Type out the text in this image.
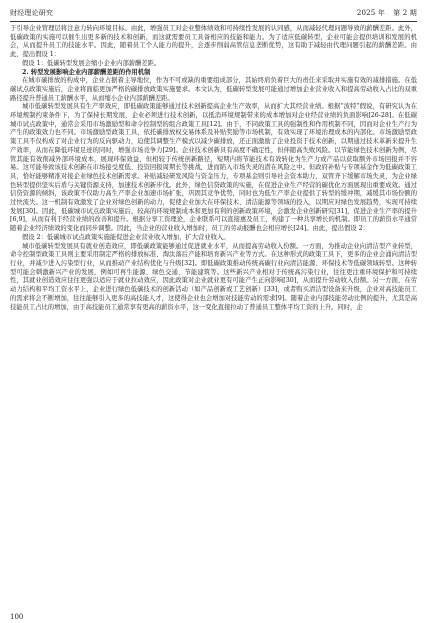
财经理论研究	2025 年 第 2 期

于引导企业管理层将注意力转向环境目标。由此，增强员工对企业整体绩效和可持续性发展的认同感，从而减轻代理问题导致的薪酬差距。此外，低碳政策的实施可以催生出更多新的技术和创新，而这就需要员工具备相应的技能和能力。为了适应低碳转型，企业可能会提供培训和发展的机会，从而提升员工的技能水平。因此，随着员工个人能力的提升，会逐步削弱高管信息垄断优势，这有助于减轻由代理问题引起的薪酬差距。由此，提出假设 1：

假设 1：低碳转型发展会缩小企业内部薪酬差距。

2. 转型发展影响企业内部薪酬差距的作用机制

在城市碳排放的构成中，企业占据着主导地位，作为不可或缺的重要组成部分，其始终肩负着巨大的责任来采取并实施有效的减排措施。在低碳试点政策实施后，企业将面临更加严格的碳排放政策实施要求。本文认为，低碳转型发展可能通过增加企业营业收入和提高劳动收入占比的双重路径提升普通员工薪酬水平，从而缩小企业内部薪酬差距。

城市低碳转型发展具有生产率效应，即低碳政策能够通过技术创新提高企业生产效率，从而扩大其经营业绩。根据“波特”假说，有研究认为在环境规制约束条件下，为了保持长期发展，企业必须进行技术创新，以抵消环境规制带来的成本增加对企业经营业绩的负面影响[26-28]。在低碳城市试点政策中，通常会采用市场激励型和命令控制型的组合政策工具[12]。由于，不同政策工具的强制性和作用机制不同，因而对企业生产行为产生的政策效力也不同。市场激励型政策工具，依托碳排放权交易体系及补贴奖励等市场机制，有效实现了环境治理成本的内部化。市场激励型政策工具不仅构成了对企业行为的反向驱动力，迫使其调整生产模式以减少碳排放，还正面激励了企业投资于技术创新，以期通过技术革新来提升生产效率，从而在降低环境足迹的同时，增强市场竞争力[29]。企业技术创新具有高度不确定性，但伴随高失败风险。以节能绿色技术创新为例，尽管其能有效削减外部环境成本，展现环保效益，但相较于传统创新路径，短期内将节能技术有效转化为生产力或产品以获取额外市场回报并不容易。这可能导致该技术创新在市场接受度低、投资回报周期长等挑战，进而陷入市场失灵的潜在风险之中。但政府补贴与专项基金作为低碳政策工具，恰好能够精准对接企业绿色技术创新需求。补贴减轻研发风险与资金压力，专项基金则引导社会资本助力，双管齐下缓解市场失灵，为企业绿色转型提供坚实后盾与关键资源支持，加速技术创新步伐。此外，绿色信贷政策的实施，在促进企业生产经营的碳优化方面展现出重要成效。通过信贷资源的倾斜，该政策不仅助力高生产率企业加速市场扩张，巩固其竞争优势，同时也为低生产率企业提供了转型的缓冲期，减缓其市场份额的过快流失。这一机制有效激发了企业对绿色创新的动力，促使企业加大在环保技术、清洁能源等领域的投入，以期应对绿色发展趋势，实现可持续发展[30]。因此，低碳城市试点政策实施后，较高的环境规制成本和更加有利的创新政策环境，会激发企业创新研究[31]，促进企业生产率的提升[6,9]，从而有利于经营业绩的改善和提升。根据分享工资理论，企业联系可以直接惠及员工，构建了一种共享增长的机制。即员工的薪资水平通常随着企业经济绩效的变化而同步调整。因此，当企业的营业收入增加时，员工的劳动报酬也会相应增长[24]。由此，提出假设 2：

假设 2：低碳城市试点政策实施能促进企业营业收入增加，扩大营业收入。

城市低碳转型发展具有就业创造效应，即低碳政策能够通过促进就业水平，从而提高劳动收入份额。一方面，为推动企业向清洁型产业转型，命令控制型政策工具则主要采用制定严格的排放标准、淘汰落后产能和培育新兴产业等方式。在这种形式的政策工具下，更多的企业会涌向清洁型行业，并减少进入污染型行业，从而推动产业结构优化与升级[32]。即低碳政策推动传统高碳行业向清洁能源、环保技术等低碳领域转型。这种转型可能会刺激新兴产业的发展，例如可再生能源、绿色交通、节能建筑等。这些新兴产业相对于传统高污染行业，往往更注重环境保护和可持续性，其就业创造效应往往更强以适应于就业拉动效应，因此政策对企业就业更有可能产生正向影响[30]，从而提升劳动收入份额。另一方面，在劳动力结构和平均工资水平上，企业进行绿色低碳技术的创新活动（如产品创新或工艺创新）[33]，或者购买清洁型设备来升级，企业对高技能员工的需求将会不断增加，往往能够引入更多的高技能人才，这使得企业也会增加对技能劳动的需求[9]。随着企业内部技能劳动比例的提升，尤其是高技能员工占比的增加，由于高技能员工通常享有更高的薪资水平，这一变化直接拉动了普通员工整体平均工资的上升。同时，企

100
